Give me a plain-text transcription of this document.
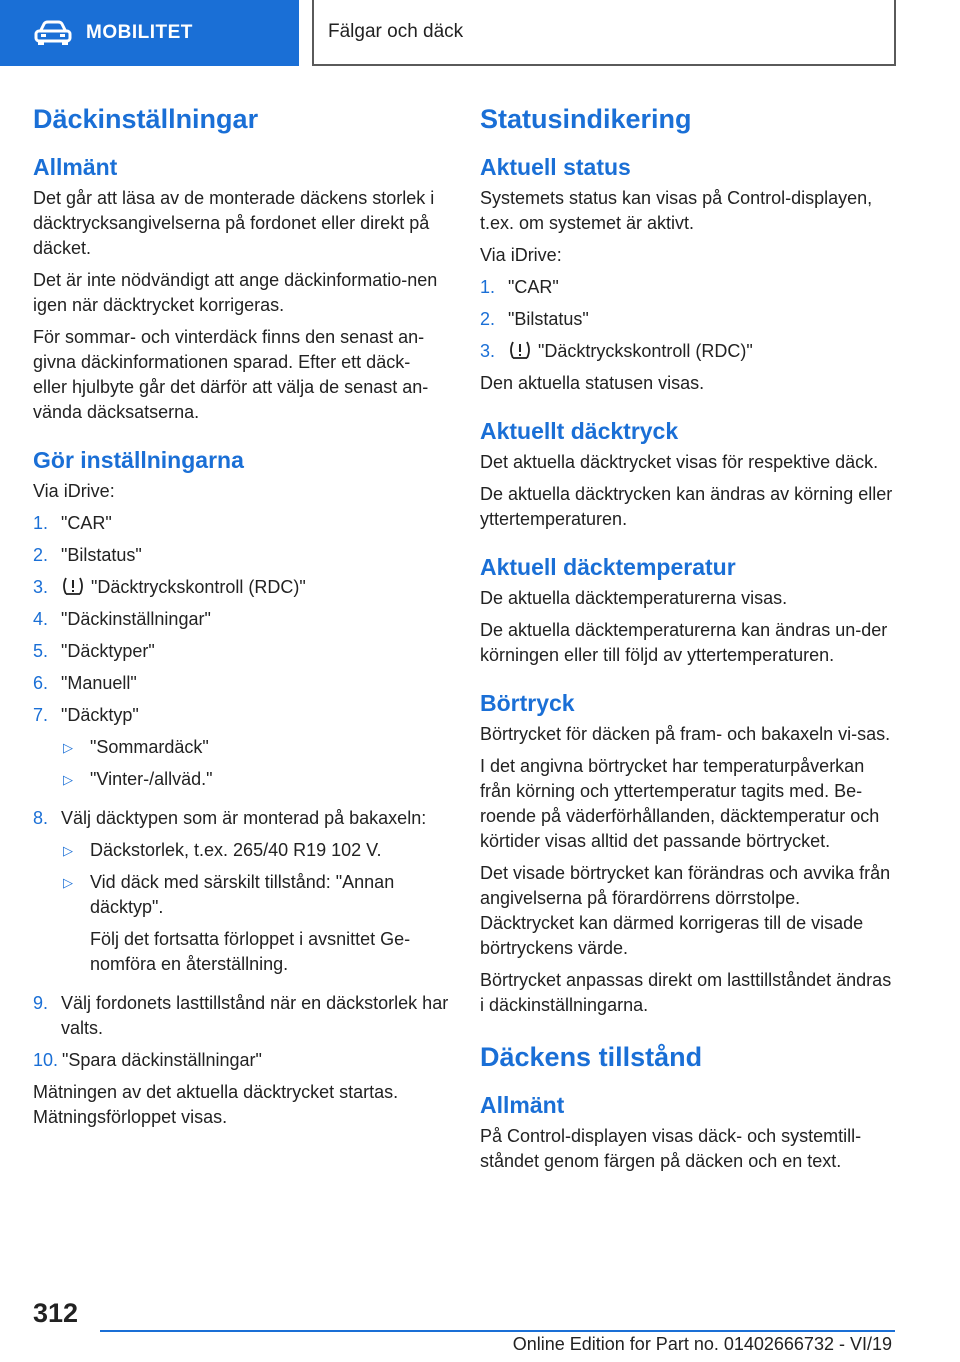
MOBILITET	Fälgar och däck
Däckinställningar
Allmänt

Det går att läsa av de monterade däckens storlek i däcktrycksangivelserna på fordonet eller direkt på däcket.

Det är inte nödvändigt att ange däckinformatio-nen igen när däcktrycket korrigeras.

För sommar- och vinterdäck finns den senast an-givna däckinformationen sparad. Efter ett däck- eller hjulbyte går det därför att välja de senast an-vända däcksatserna.

Gör inställningarna

Via iDrive:

1. "CAR"
2. "Bilstatus"
3.	"Däcktryckskontroll (RDC)"
4. "Däckinställningar"
5. "Däcktyper"
6. "Manuell"
7. "Däcktyp"
▷ "Sommardäck"
▷ "Vinter-/allväd."
8. Välj däcktypen som är monterad på bakaxeln:
▷ Däckstorlek, t.ex. 265/40 R19 102 V.
▷ Vid däck med särskilt tillstånd: "Annan däcktyp".
Följ det fortsatta förloppet i avsnittet Ge-nomföra en återställning.
9. Välj fordonets lasttillstånd när en däckstorlek har valts.
10. "Spara däckinställningar"

Mätningen av det aktuella däcktrycket startas.

Mätningsförloppet visas.

Statusindikering
Aktuell status

Systemets status kan visas på Control-displayen, t.ex. om systemet är aktivt.

Via iDrive:

1. "CAR"
2. "Bilstatus"
3.	"Däcktryckskontroll (RDC)"

Den aktuella statusen visas.

Aktuellt däcktryck

Det aktuella däcktrycket visas för respektive däck.

De aktuella däcktrycken kan ändras av körning eller yttertemperaturen.

Aktuell däcktemperatur

De aktuella däcktemperaturerna visas.

De aktuella däcktemperaturerna kan ändras un-der körningen eller till följd av yttertemperaturen.

Börtryck

Börtrycket för däcken på fram- och bakaxeln vi-sas.

I det angivna börtrycket har temperaturpåverkan från körning och yttertemperatur tagits med. Be-roende på väderförhållanden, däcktemperatur och körtider visas alltid det passande börtrycket.

Det visade börtrycket kan förändras och avvika från angivelserna på förardörrens dörrstolpe. Däcktrycket kan därmed korrigeras till de visade börtryckens värde.

Börtrycket anpassas direkt om lasttillståndet ändras i däckinställningarna.

Däckens tillstånd
Allmänt

På Control-displayen visas däck- och systemtill-ståndet genom färgen på däcken och en text.

312
Online Edition for Part no. 01402666732 - VI/19
